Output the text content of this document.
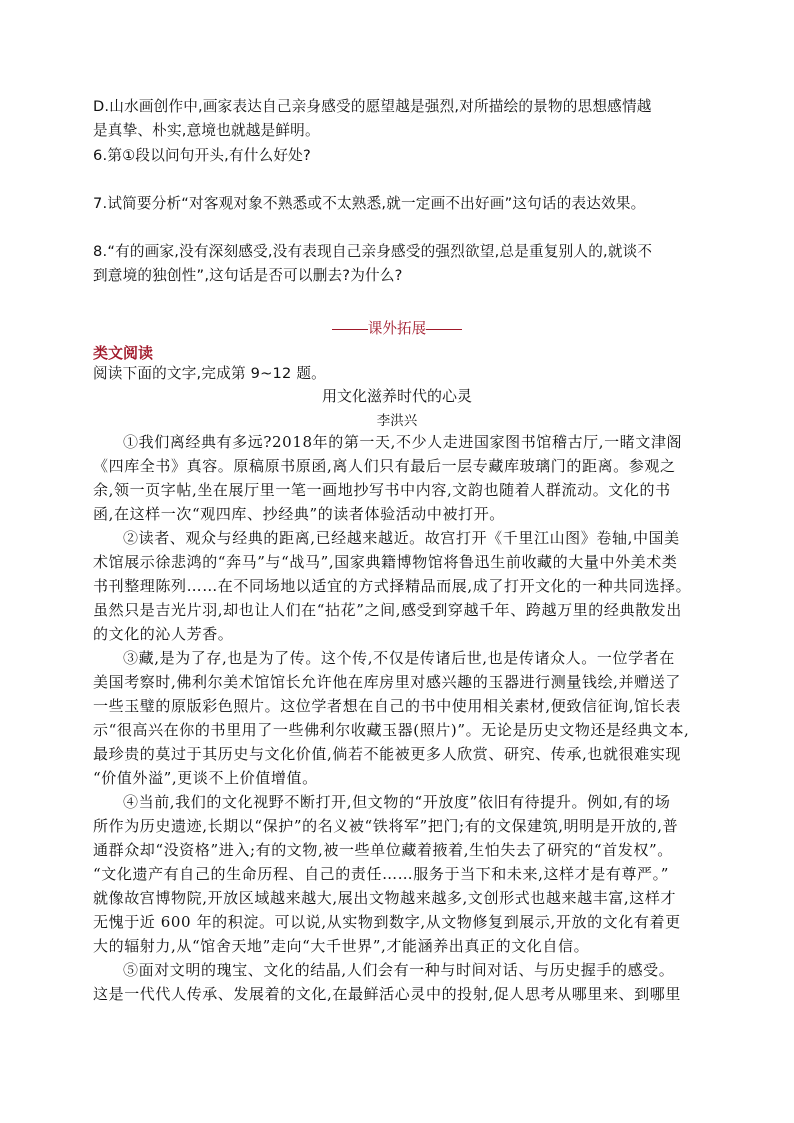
D.山水画创作中,画家表达自己亲身感受的愿望越是强烈,对所描绘的景物的思想感情越
是真挚、朴实,意境也就越是鲜明。
6.第①段以问句开头,有什么好处?
7.试简要分析“对客观对象不熟悉或不太熟悉,就一定画不出好画”这句话的表达效果。
8.“有的画家,没有深刻感受,没有表现自己亲身感受的强烈欲望,总是重复别人的,就谈不
到意境的独创性”,这句话是否可以删去?为什么?
课外拓展
类文阅读
阅读下面的文字,完成第 9~12 题。
用文化滋养时代的心灵
李洪兴
①我们离经典有多远?2018年的第一天,不少人走进国家图书馆稽古厅,一睹文津阁
《四库全书》真容。原稿原书原函,离人们只有最后一层专藏库玻璃门的距离。参观之
余,领一页字帖,坐在展厅里一笔一画地抄写书中内容,文韵也随着人群流动。文化的书
函,在这样一次“观四库、抄经典”的读者体验活动中被打开。
②读者、观众与经典的距离,已经越来越近。故宫打开《千里江山图》卷轴,中国美
术馆展示徐悲鸿的“奔马”与“战马”,国家典籍博物馆将鲁迅生前收藏的大量中外美术类
书刊整理陈列……在不同场地以适宜的方式择精品而展,成了打开文化的一种共同选择。
虽然只是吉光片羽,却也让人们在“拈花”之间,感受到穿越千年、跨越万里的经典散发出
的文化的沁人芳香。
③藏,是为了存,也是为了传。这个传,不仅是传诸后世,也是传诸众人。一位学者在
美国考察时,佛利尔美术馆馆长允许他在库房里对感兴趣的玉器进行测量钱绘,并赠送了
一些玉璧的原版彩色照片。这位学者想在自己的书中使用相关素材,便致信征询,馆长表
示“很高兴在你的书里用了一些佛利尔收藏玉器(照片)”。无论是历史文物还是经典文本,
最珍贵的莫过于其历史与文化价值,倘若不能被更多人欣赏、研究、传承,也就很难实现
“价值外溢”,更谈不上价值增值。
④当前,我们的文化视野不断打开,但文物的“开放度”依旧有待提升。例如,有的场
所作为历史遗迹,长期以“保护”的名义被“铁将军”把门;有的文保建筑,明明是开放的,普
通群众却“没资格”进入;有的文物,被一些单位藏着掖着,生怕失去了研究的“首发权”。
“文化遗产有自己的生命历程、自己的责任……服务于当下和未来,这样才是有尊严。”
就像故宫博物院,开放区域越来越大,展出文物越来越多,文创形式也越来越丰富,这样才
无愧于近 600 年的积淀。可以说,从实物到数字,从文物修复到展示,开放的文化有着更
大的辐射力,从“馆舍天地”走向“大千世界”,才能涵养出真正的文化自信。
⑤面对文明的瑰宝、文化的结晶,人们会有一种与时间对话、与历史握手的感受。
这是一代代人传承、发展着的文化,在最鲜活心灵中的投射,促人思考从哪里来、到哪里
